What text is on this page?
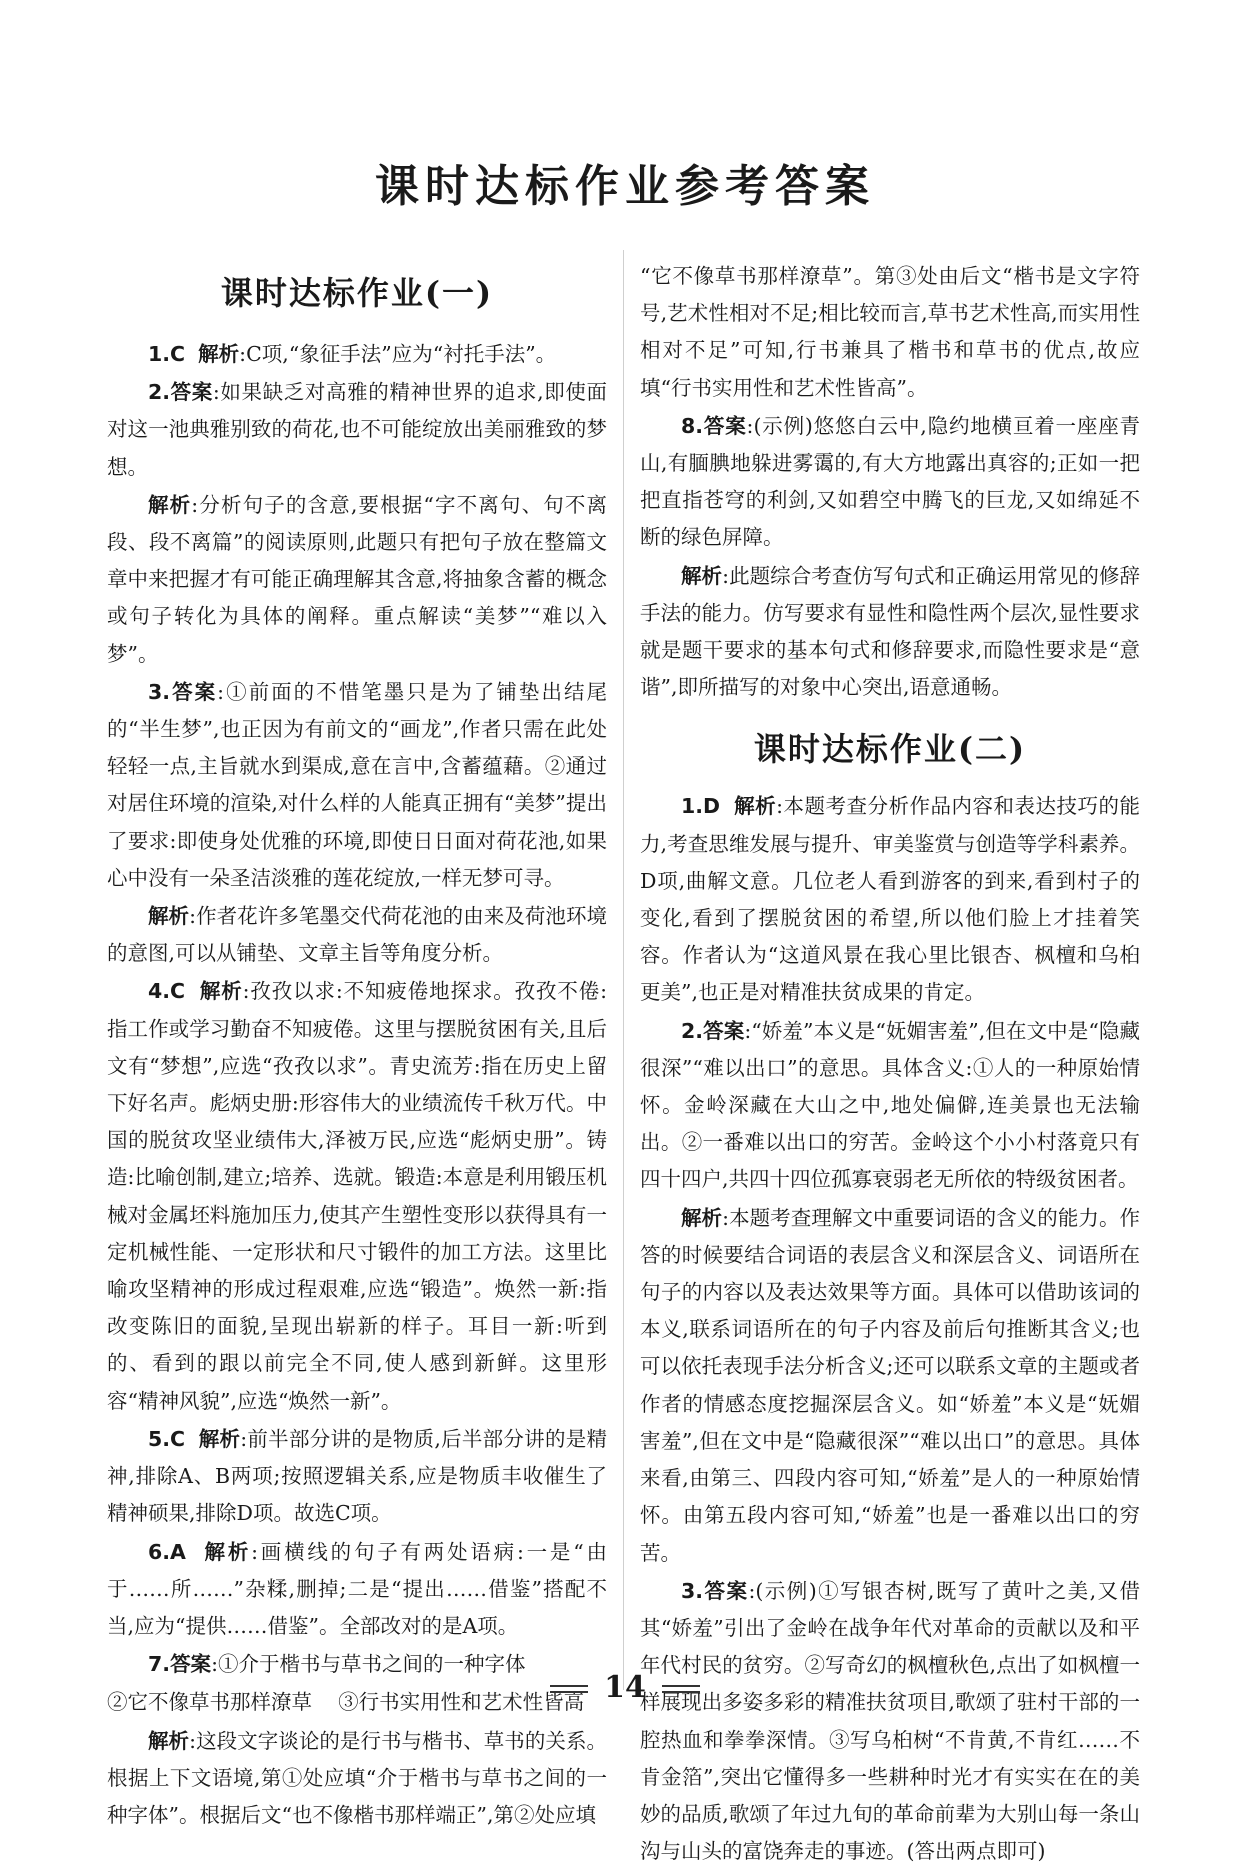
课时达标作业参考答案
课时达标作业(一)

1.C 解析:C项,“象征手法”应为“衬托手法”。

2.答案:如果缺乏对高雅的精神世界的追求,即使面对这一池典雅别致的荷花,也不可能绽放出美丽雅致的梦想。

解析:分析句子的含意,要根据“字不离句、句不离段、段不离篇”的阅读原则,此题只有把句子放在整篇文章中来把握才有可能正确理解其含意,将抽象含蓄的概念或句子转化为具体的阐释。重点解读“美梦”“难以入梦”。

3.答案:①前面的不惜笔墨只是为了铺垫出结尾的“半生梦”,也正因为有前文的“画龙”,作者只需在此处轻轻一点,主旨就水到渠成,意在言中,含蓄蕴藉。②通过对居住环境的渲染,对什么样的人能真正拥有“美梦”提出了要求:即使身处优雅的环境,即使日日面对荷花池,如果心中没有一朵圣洁淡雅的莲花绽放,一样无梦可寻。

解析:作者花许多笔墨交代荷花池的由来及荷池环境的意图,可以从铺垫、文章主旨等角度分析。

4.C 解析:孜孜以求:不知疲倦地探求。孜孜不倦:指工作或学习勤奋不知疲倦。这里与摆脱贫困有关,且后文有“梦想”,应选“孜孜以求”。青史流芳:指在历史上留下好名声。彪炳史册:形容伟大的业绩流传千秋万代。中国的脱贫攻坚业绩伟大,泽被万民,应选“彪炳史册”。铸造:比喻创制,建立;培养、选就。锻造:本意是利用锻压机械对金属坯料施加压力,使其产生塑性变形以获得具有一定机械性能、一定形状和尺寸锻件的加工方法。这里比喻攻坚精神的形成过程艰难,应选“锻造”。焕然一新:指改变陈旧的面貌,呈现出崭新的样子。耳目一新:听到的、看到的跟以前完全不同,使人感到新鲜。这里形容“精神风貌”,应选“焕然一新”。

5.C 解析:前半部分讲的是物质,后半部分讲的是精神,排除A、B两项;按照逻辑关系,应是物质丰收催生了精神硕果,排除D项。故选C项。

6.A 解析:画横线的句子有两处语病:一是“由于……所……”杂糅,删掉;二是“提出……借鉴”搭配不当,应为“提供……借鉴”。全部改对的是A项。

7.答案:①介于楷书与草书之间的一种字体

②它不像草书那样潦草    ③行书实用性和艺术性皆高

解析:这段文字谈论的是行书与楷书、草书的关系。根据上下文语境,第①处应填“介于楷书与草书之间的一种字体”。根据后文“也不像楷书那样端正”,第②处应填

“它不像草书那样潦草”。第③处由后文“楷书是文字符号,艺术性相对不足;相比较而言,草书艺术性高,而实用性相对不足”可知,行书兼具了楷书和草书的优点,故应填“行书实用性和艺术性皆高”。

8.答案:(示例)悠悠白云中,隐约地横亘着一座座青山,有腼腆地躲进雾霭的,有大方地露出真容的;正如一把把直指苍穹的利剑,又如碧空中腾飞的巨龙,又如绵延不断的绿色屏障。

解析:此题综合考查仿写句式和正确运用常见的修辞手法的能力。仿写要求有显性和隐性两个层次,显性要求就是题干要求的基本句式和修辞要求,而隐性要求是“意谐”,即所描写的对象中心突出,语意通畅。

课时达标作业(二)

1.D 解析:本题考查分析作品内容和表达技巧的能力,考查思维发展与提升、审美鉴赏与创造等学科素养。D项,曲解文意。几位老人看到游客的到来,看到村子的变化,看到了摆脱贫困的希望,所以他们脸上才挂着笑容。作者认为“这道风景在我心里比银杏、枫檀和乌桕更美”,也正是对精准扶贫成果的肯定。

2.答案:“娇羞”本义是“妩媚害羞”,但在文中是“隐藏很深”“难以出口”的意思。具体含义:①人的一种原始情怀。金岭深藏在大山之中,地处偏僻,连美景也无法输出。②一番难以出口的穷苦。金岭这个小小村落竟只有四十四户,共四十四位孤寡衰弱老无所依的特级贫困者。

解析:本题考查理解文中重要词语的含义的能力。作答的时候要结合词语的表层含义和深层含义、词语所在句子的内容以及表达效果等方面。具体可以借助该词的本义,联系词语所在的句子内容及前后句推断其含义;也可以依托表现手法分析含义;还可以联系文章的主题或者作者的情感态度挖掘深层含义。如“娇羞”本义是“妩媚害羞”,但在文中是“隐藏很深”“难以出口”的意思。具体来看,由第三、四段内容可知,“娇羞”是人的一种原始情怀。由第五段内容可知,“娇羞”也是一番难以出口的穷苦。

3.答案:(示例)①写银杏树,既写了黄叶之美,又借其“娇羞”引出了金岭在战争年代对革命的贡献以及和平年代村民的贫穷。②写奇幻的枫檀秋色,点出了如枫檀一样展现出多姿多彩的精准扶贫项目,歌颂了驻村干部的一腔热血和拳拳深情。③写乌桕树“不肯黄,不肯红……不肯金箔”,突出它懂得多一些耕种时光才有实实在在的美妙的品质,歌颂了年过九旬的革命前辈为大别山每一条山沟与山头的富饶奔走的事迹。(答出两点即可)

14
